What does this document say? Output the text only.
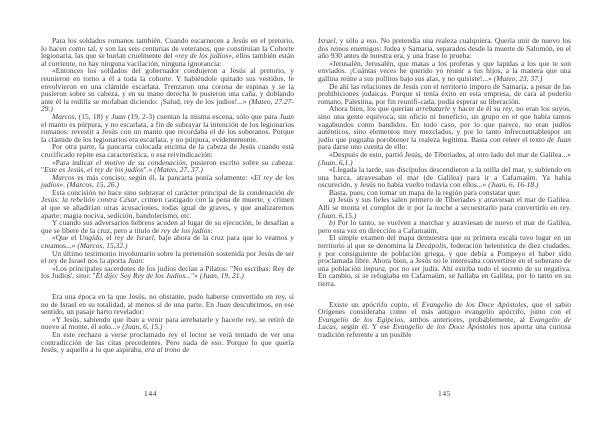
Para los soldados romanos también. Cuando escarnecen a Jesús en el pretorio, lo hacen como tal, y son las seis centurias de veteranos, que constituían la Cohorte legionaria, las que se burlan cruelmente del «rey de los judíos», ellos también están al corriente, no hay ninguna vacilación, ninguna ignorancia:

«Entonces los soldados del gobernador condujeron a Jesús al pretorio, y reunieron en torno a él a toda la cohorte. Y habiéndole quitado sus vestidos, le envolvieron en una clámide escarlata. Trenzaron una corona de espinas y se la pusieron sobre su cabeza, y en su mano derecha le pusieron una caña, y doblando ante él la rodilla se mofaban diciendo: ¡Salud, rey de los judíos!...» (Mateo, 27.27-29.)

Marcos, (15, 18) y Juan (19, 2-3) cuentan la misma escena, sólo que para Juan el manto es púrpura, y no escarlata, a fin de subrayar la intención de los legionarios romanos: revestir a Jesús con un manto que recordaba el de los soberanos. Porque la clámide de los legionarios era escarlata, y no púrpura, evidentemente.

Por otra parte, la pancarta colocada encima de la cabeza de Jesús cuando está crucificado repite esa característica, o esa reivindicación:

«Para indicar el motivo de su condenación, pusieron escrito sobre su cabeza: "Este es Jesús, el rey de los judíos".» (Mateo, 27, 37.)

Marcos es más conciso; según él, la pancarta ponía solamente: «El rey de los judíos». (Marcos, 15, 26.)

Esta concisión no hace sino subrayar el carácter principal de la condenación de Jesús: la rebelión contra César, crimen castigado con la pena de muerte, y crimen al que se añadirían otras acusaciones, todas igual de graves, y que analizaremos aparte: magia nociva, sedición, bandolerismo, etc.

Y cuando sus adversarios hebreos acuden al lugar de su ejecución, le desafían a que se libere de la cruz, pero a título de rey de los judíos:

«Que el Ungido, el rey de Israel, baje ahora de la cruz para que lo veamos y creamos...» (Marcos, 15,32.)

Un último testimonio involuntario sobre la pretensión sostenida por Jesús de ser el rey de Israel nos la aporta Juan:

«Los principales sacerdotes de los judíos decían a Pilatos: "No escribas: Rey de los Judíos', sino: "Él dijo: Soy Rey de los Judíos..."» (Juan, 19, 21.)

Era una época en la que Jesús, no obstante, pudo haberse convertido en rey, si no de Israel en su totalidad, al menos sí de una parte. En Juan descubrimos, en ese sentido, un pasaje harto revelador:

«Y Jesús, sabiendo que iban a venir para arrebatarle y hacerle rey, se retiró de nuevo al monte, él solo...» (Juan, 6, 15.)

En este rechazo a verse proclamado rey el lector se verá tentado de ver una contradicción de las citas precedentes. Pero nada de eso. Porque lo que quería Jesús, y aquello a lo que aspiraba, era al trono de

144

Israel, y sólo a eso. No pretendía una realeza cualquiera. Quería unir de nuevo los dos reinos enemigos: Judea y Samaria, separados desde la muerte de Salomón, en el año 930 antes de nuestra era, y una frase lo prueba:

«Jerusalén, Jerusalén, que matas a los profetas y que lapidas a los que te son enviados. ¡Cuántas veces he querido yo reunir a tus hijos, a la manera que una gallina reúne a sus pollitos bajo sus alas, y no quisiste!...» (Mateo, 23, 37.)

De ahí las relaciones de Jesús con el territorio impuro de Samaria, a pesar de las prohibiciones judaicas. Porque si tenía éxito en esta empresa, de cara al poderío romano, Palestina, por fin reunifi-cada, podía esperar su liberación.

Ahora bien, los que querían arrebatarle y hacer de él su rey, no eran los suyos, sino una gente equívoca, sin oficio ni beneficio, un grupo en el que había tantos vagabundos como bandidos. En todo caso, por lo que parece, no eran judíos auténticos, sino elementos muy mezclados, y por lo tanto infrecuentablespor un judío que pugnaba porobtener la realeza legítima. Basta con releer el texto de Juan para darse uno cuenta de ello:

«Después de esto, partió Jesús, de Tiberiades, al otro lado del mar de Galilea...» (Juan, 6,1.)

«Llegada la tarde, sus discípulos descendieron a la orilla del mar, y, subiendo en una barca, atravesaban el mar (de Galilea) para ir a Cafarnaúm. Ya había oscurecido, y Jesús no había vuelto todavía con ellos...» (Juan, 6, 16-18.)

Basta, pues, con tomar un mapa de la región para constatar que:

a) Jesús y sus fieles salen primero de Tiberiades y atraviesan el mar de Galilea. Allí se monta el complot de ir por la noche a secuestrarlo para convertirlo en rey. (Juan, 6,15.)

b) Por lo tanto, se vuelven a marchar y atraviesan de nuevo el mar de Galilea, pero esta vez en dirección a Cafarnaúm.

El simple examen del mapa demuestra que su primera escala tuvo lugar en un territorio al que se denomina la Decápolis, federación helenística de diez ciudades, y por consiguiente de población griega, y que debía a Pompeyo el haber sido proclamada libre. Ahora bien, a Jesús no le interesaba convertirse en el soberano de una población impura, por no ser judía. Ahí estriba todo el secreto de su negativa. En cambio, si se refugiaba en Cafarnaúm, se hallaba en Galilea, por lo tanto en su tierra.

Existe un apócrifo copto, el Evangelio de los Doce Apóstoles, que el sabio Orígenes consideraba como el más antiguo evangelio apócrifo, junto con el Evangelio de los Egipcios, ambos anteriores, probablemente, al Evangelio de Lucas, según él. Y ese Evangelio de los Doce Apóstoles nos aporta una curiosa tradición referente a un posible

145
